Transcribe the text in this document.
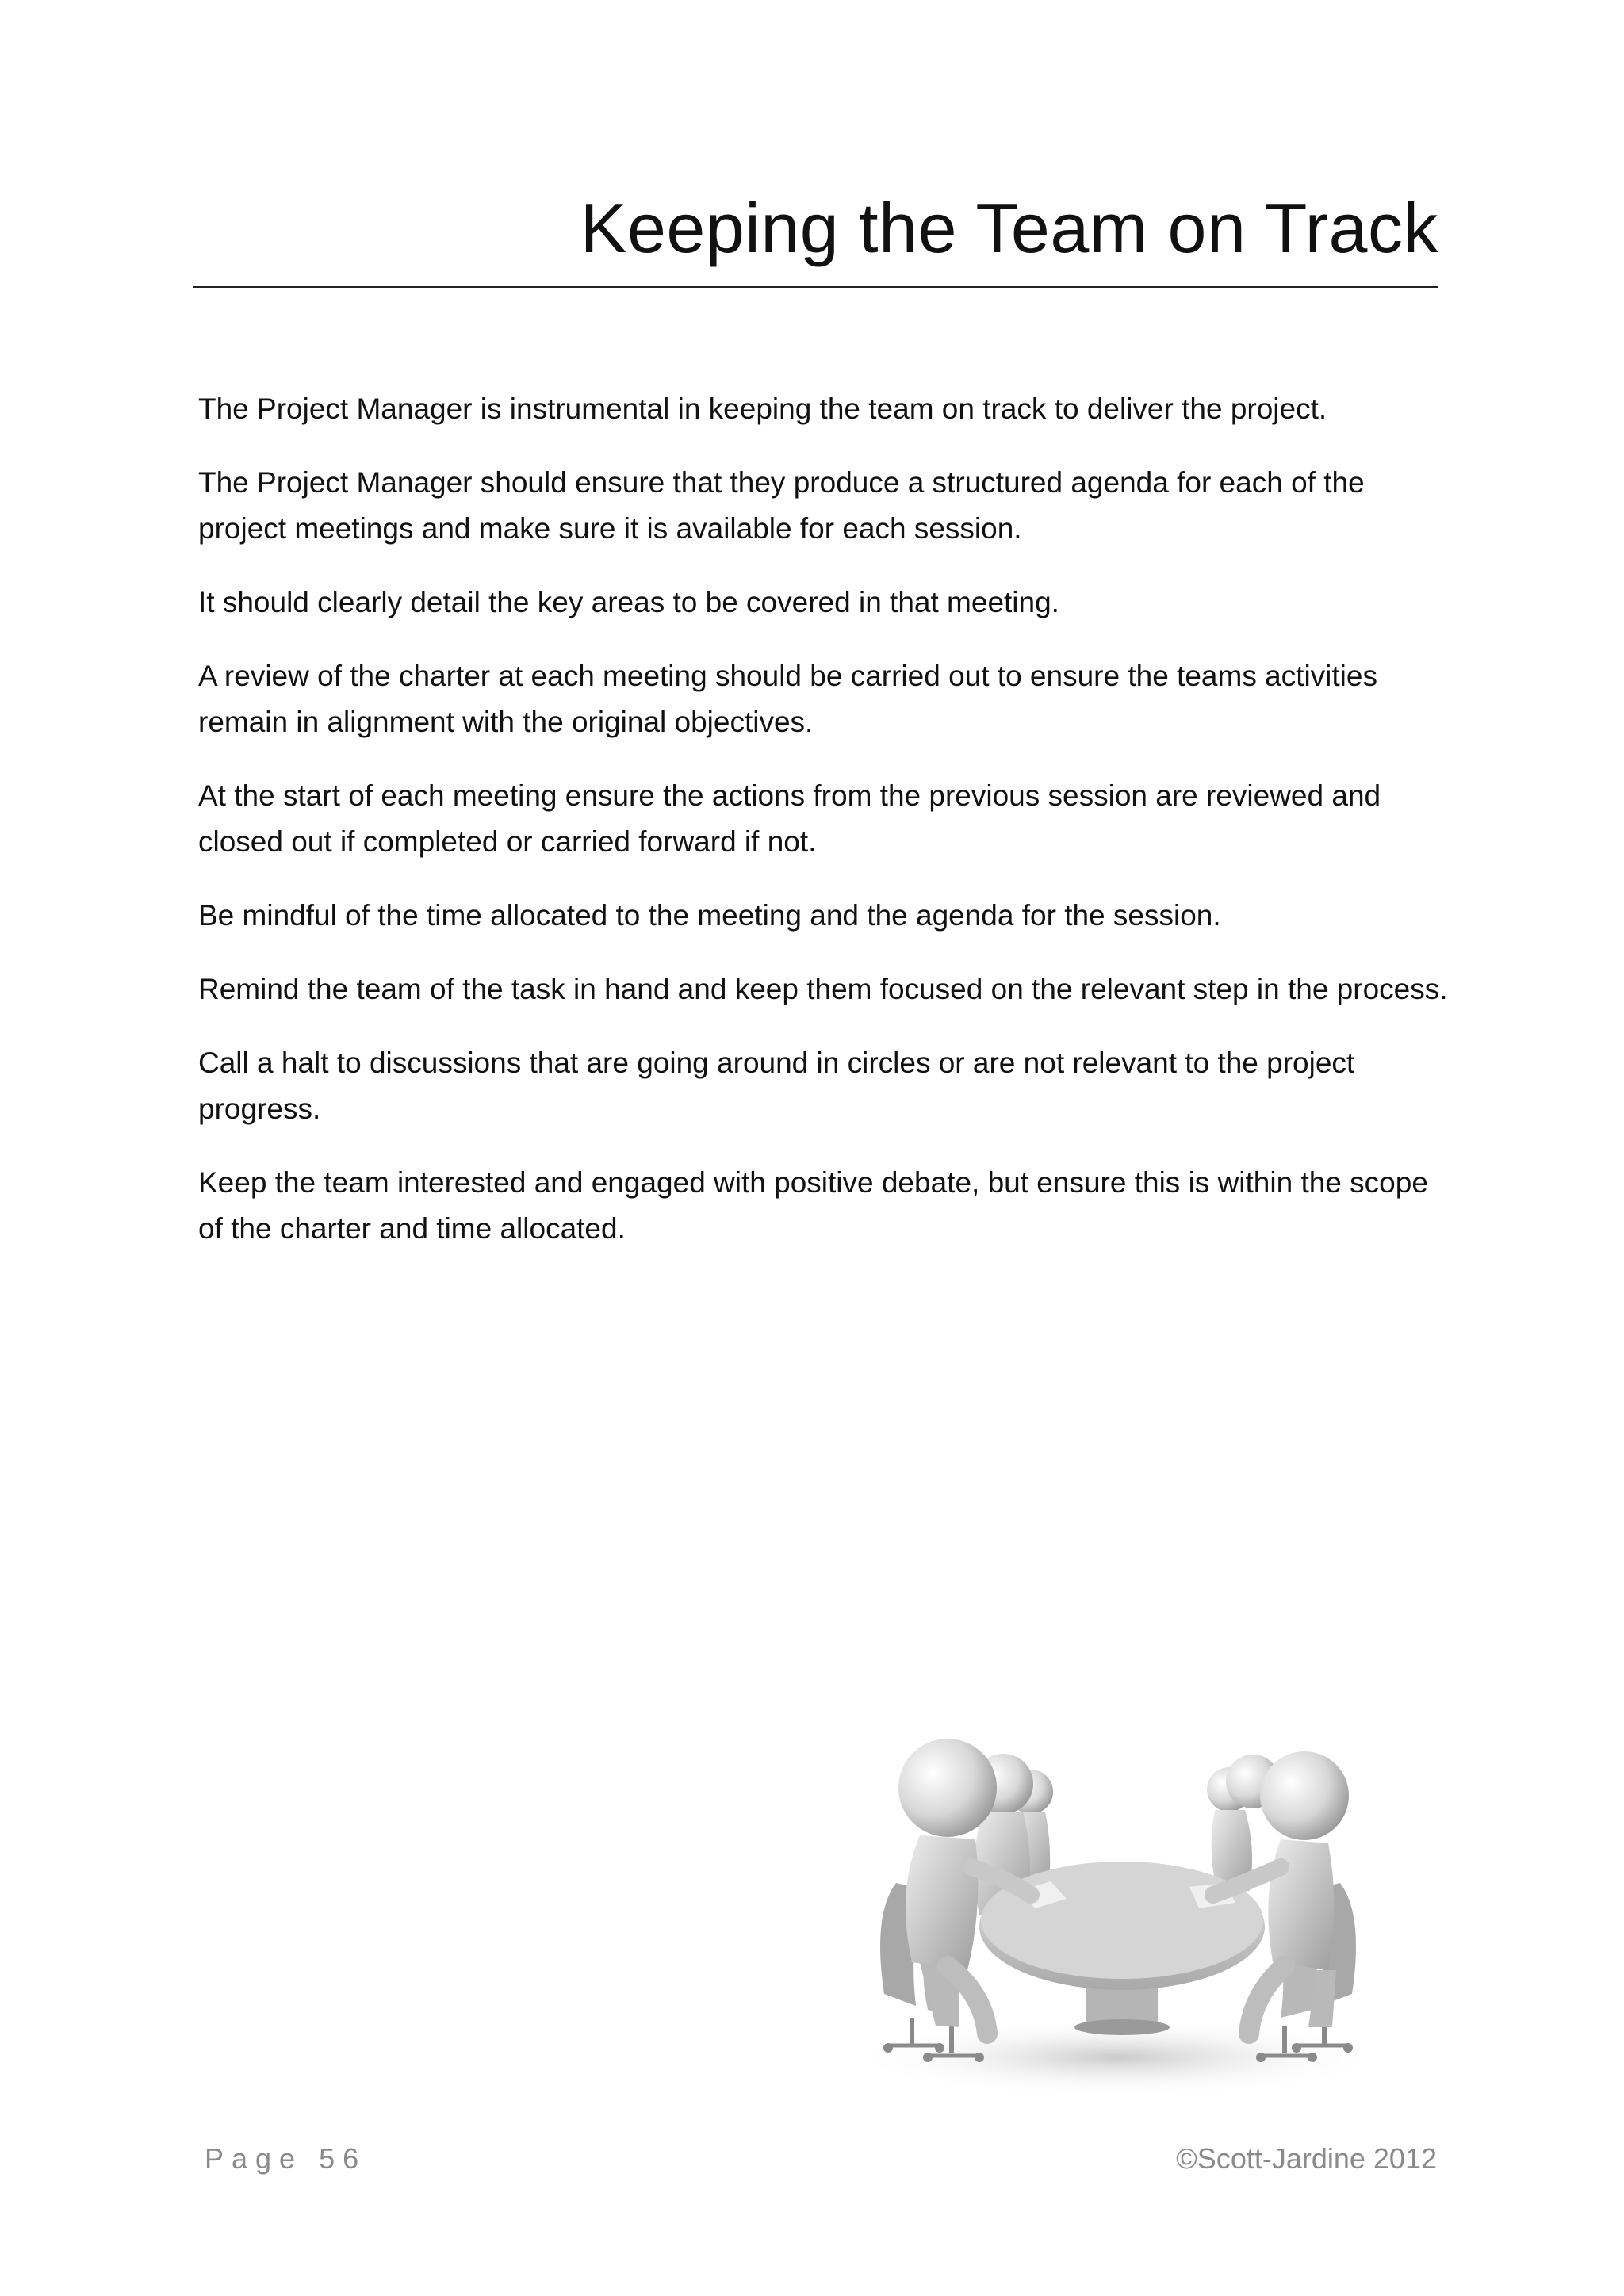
Keeping the Team on Track

The Project Manager is instrumental in keeping the team on track to deliver the project.

The Project Manager should ensure that they produce a structured agenda for each of the project meetings and make sure it is available for each session.

It should clearly detail the key areas to be covered in that meeting.

A review of the charter at each meeting should be carried out to ensure the teams activities remain in alignment with the original objectives.

At the start of each meeting ensure the actions from the previous session are reviewed and closed out if completed or carried forward if not.

Be mindful of the time allocated to the meeting and the agenda for the session.

Remind the team of the task in hand and keep them focused on the relevant step in the process.

Call a halt to discussions that are going around in circles or are not relevant to the project progress.

Keep the team interested and engaged with positive debate, but ensure this is within the scope of the charter and time allocated.

Page 56	©Scott-Jardine 2012
